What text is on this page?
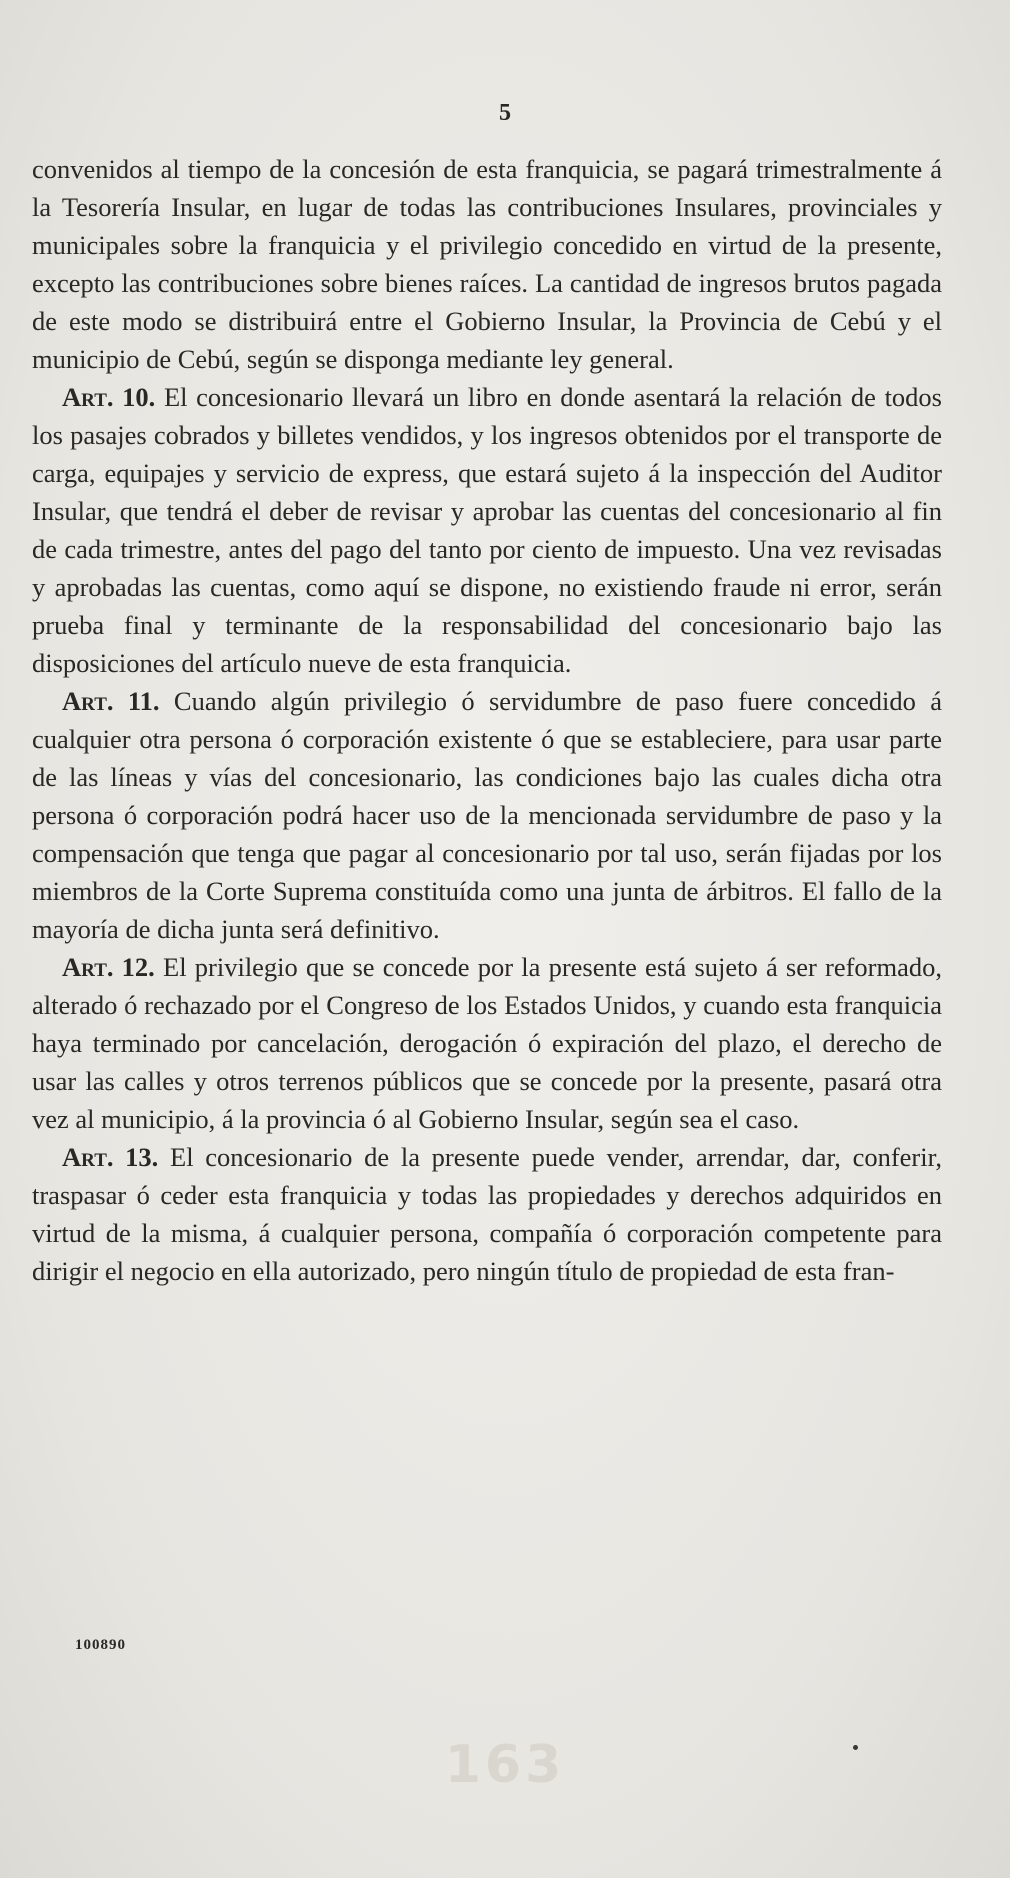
5

convenidos al tiempo de la concesión de esta franquicia, se pagará trimestralmente á la Tesorería Insular, en lugar de todas las contribuciones Insulares, provinciales y municipales sobre la franquicia y el privilegio concedido en virtud de la presente, excepto las contribuciones sobre bienes raíces. La cantidad de ingresos brutos pagada de este modo se distribuirá entre el Gobierno Insular, la Provincia de Cebú y el municipio de Cebú, según se disponga mediante ley general.

Art. 10. El concesionario llevará un libro en donde asentará la relación de todos los pasajes cobrados y billetes vendidos, y los ingresos obtenidos por el transporte de carga, equipajes y servicio de express, que estará sujeto á la inspección del Auditor Insular, que tendrá el deber de revisar y aprobar las cuentas del concesionario al fin de cada trimestre, antes del pago del tanto por ciento de impuesto. Una vez revisadas y aprobadas las cuentas, como aquí se dispone, no existiendo fraude ni error, serán prueba final y terminante de la responsabilidad del concesionario bajo las disposiciones del artículo nueve de esta franquicia.

Art. 11. Cuando algún privilegio ó servidumbre de paso fuere concedido á cualquier otra persona ó corporación existente ó que se estableciere, para usar parte de las líneas y vías del concesionario, las condiciones bajo las cuales dicha otra persona ó corporación podrá hacer uso de la mencionada servidumbre de paso y la compensación que tenga que pagar al concesionario por tal uso, serán fijadas por los miembros de la Corte Suprema constituída como una junta de árbitros. El fallo de la mayoría de dicha junta será definitivo.

Art. 12. El privilegio que se concede por la presente está sujeto á ser reformado, alterado ó rechazado por el Congreso de los Estados Unidos, y cuando esta franquicia haya terminado por cancelación, derogación ó expiración del plazo, el derecho de usar las calles y otros terrenos públicos que se concede por la presente, pasará otra vez al municipio, á la provincia ó al Gobierno Insular, según sea el caso.

Art. 13. El concesionario de la presente puede vender, arrendar, dar, conferir, traspasar ó ceder esta franquicia y todas las propiedades y derechos adquiridos en virtud de la misma, á cualquier persona, compañía ó corporación competente para dirigir el negocio en ella autorizado, pero ningún título de propiedad de esta fran-

100890
163
